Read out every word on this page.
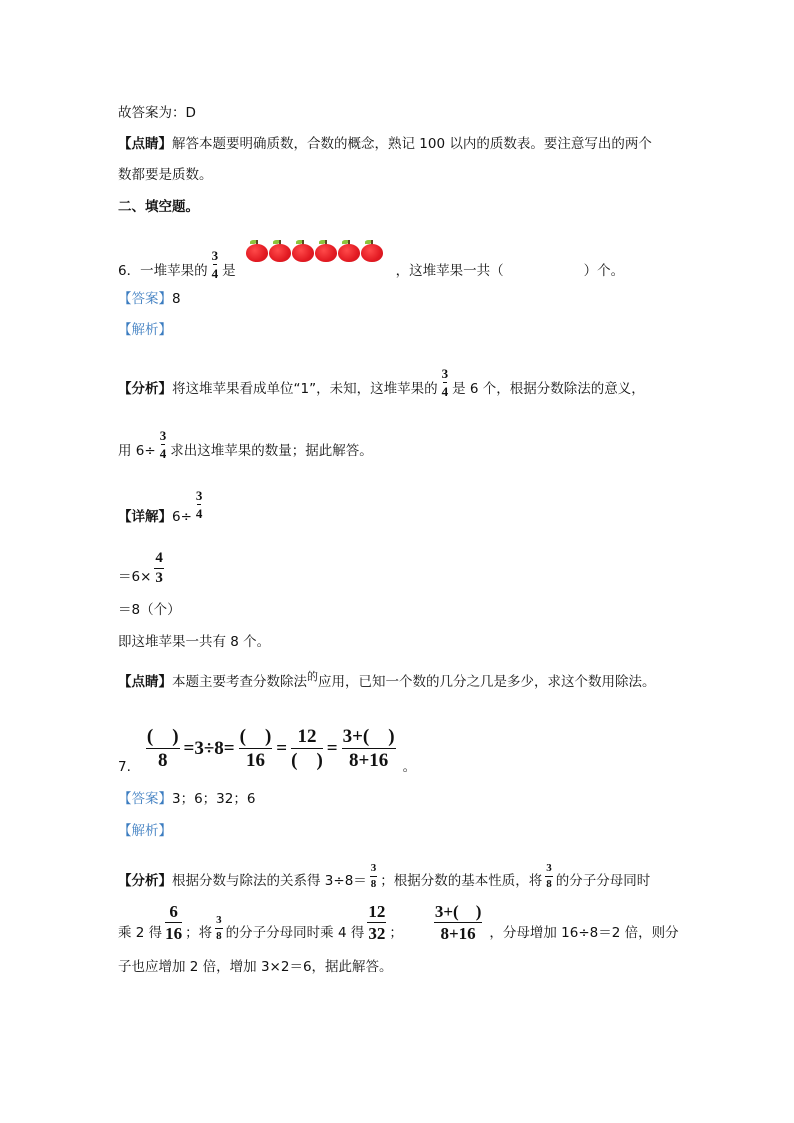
故答案为：D
【点睛】解答本题要明确质数，合数的概念，熟记 100 以内的质数表。要注意写出的两个
数都要是质数。
二、填空题。
6．一堆苹果的 $\frac{3}{4}$ 是	，这堆苹果一共（	）个。
【答案】8
【解析】
【分析】 将这堆苹果看成单位“1”，未知，这堆苹果的 $\frac{3}{4}$ 是 6 个，根据分数除法的意义，
用 $6\div \frac{3}{4}$ 求出这堆苹果的数量；据此解答。
【详解】 $6\div \frac{3}{4}$
$=6\times \frac{4}{3}$
＝8（个）
即这堆苹果一共有 8 个。
【点睛】本题主要考查分数除法$^的$应用，已知一个数的几分之几是多少，求这个数用除法。
7. $\frac{( )}{8} =3\div 8= \frac{( )}{16} = \frac{12}{( )} = \frac{3+( )}{8+16}$ 。
【答案】3；6；32；6
【解析】
【分析】 根据分数与除法的关系得 $3\div 8= \frac{3}{8}$ ；根据分数的基本性质，将 $\frac{3}{8}$ 的分子分母同时
乘 2 得 $\frac{6}{16}$ ；将 $\frac{3}{8}$ 的分子分母同时乘 4 得 $\frac{12}{32}$ ； $\frac{3+( )}{8+16}$ ，分母增加 16÷8＝2 倍，则分
子也应增加 2 倍，增加 3×2＝6，据此解答。
